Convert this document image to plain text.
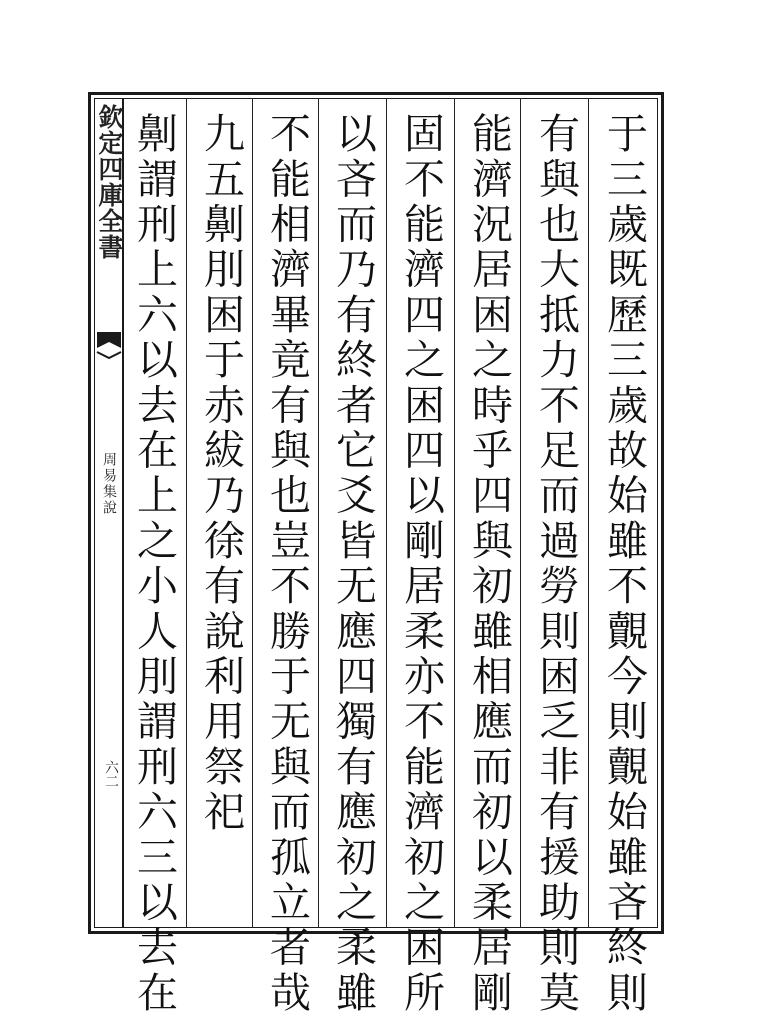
欽定四庫全書
周易集說
六二	于三歲既歷三歲故始雖不覿今則覿始雖吝終則
有與也大抵力不足而過勞則困乏非有援助則莫
能濟況居困之時乎四與初雖相應而初以柔居剛
固不能濟四之困四以剛居柔亦不能濟初之困所
以吝而乃有終者它爻皆无應四獨有應初之柔雖
不能相濟畢竟有與也豈不勝于无與而孤立者哉
九五劓刖困于赤紱乃徐有說利用祭祀
劓謂刑上六以去在上之小人刖謂刑六三以去在
